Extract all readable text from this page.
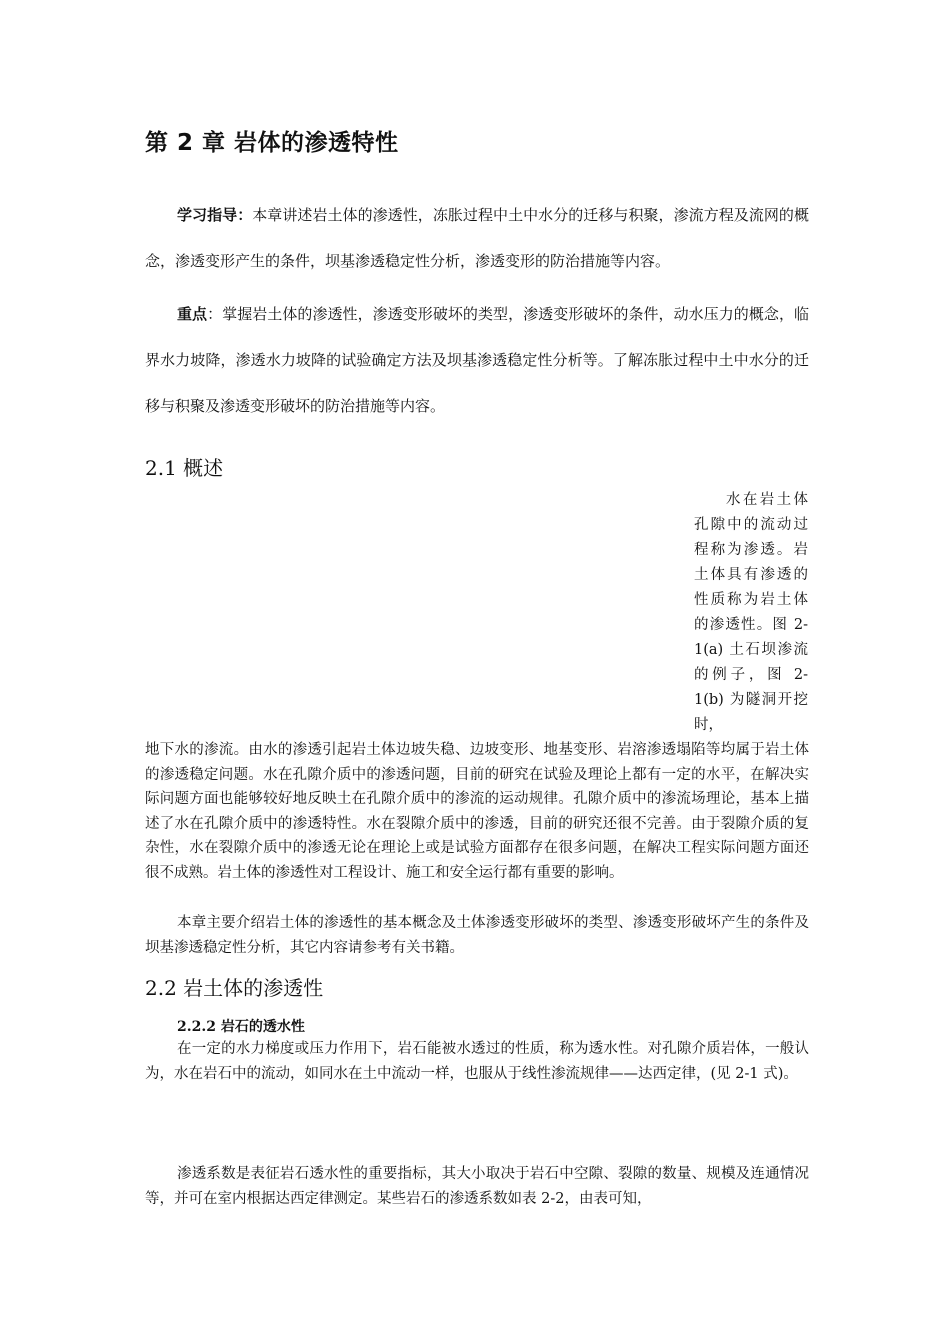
第 2 章 岩体的渗透特性

学习指导：本章讲述岩土体的渗透性，冻胀过程中土中水分的迁移与积聚，渗流方程及流网的概念，渗透变形产生的条件，坝基渗透稳定性分析，渗透变形的防治措施等内容。

重点：掌握岩土体的渗透性，渗透变形破坏的类型，渗透变形破坏的条件，动水压力的概念，临界水力坡降，渗透水力坡降的试验确定方法及坝基渗透稳定性分析等。了解冻胀过程中土中水分的迁移与积聚及渗透变形破坏的防治措施等内容。

2.1 概述

水在岩土体孔隙中的流动过程称为渗透。岩土体具有渗透的性质称为岩土体的渗透性。图 2-1(a) 土石坝渗流的例子，图 2-1(b) 为隧洞开挖时，

地下水的渗流。由水的渗透引起岩土体边坡失稳、边坡变形、地基变形、岩溶渗透塌陷等均属于岩土体的渗透稳定问题。水在孔隙介质中的渗透问题，目前的研究在试验及理论上都有一定的水平，在解决实际问题方面也能够较好地反映土在孔隙介质中的渗流的运动规律。孔隙介质中的渗流场理论，基本上描述了水在孔隙介质中的渗透特性。水在裂隙介质中的渗透，目前的研究还很不完善。由于裂隙介质的复杂性，水在裂隙介质中的渗透无论在理论上或是试验方面都存在很多问题，在解决工程实际问题方面还很不成熟。岩土体的渗透性对工程设计、施工和安全运行都有重要的影响。

本章主要介绍岩土体的渗透性的基本概念及土体渗透变形破坏的类型、渗透变形破坏产生的条件及坝基渗透稳定性分析，其它内容请参考有关书籍。

2.2 岩土体的渗透性
2.2.2 岩石的透水性

在一定的水力梯度或压力作用下，岩石能被水透过的性质，称为透水性。对孔隙介质岩体，一般认为，水在岩石中的流动，如同水在土中流动一样，也服从于线性渗流规律——达西定律，(见 2-1 式)。

渗透系数是表征岩石透水性的重要指标，其大小取决于岩石中空隙、裂隙的数量、规模及连通情况等，并可在室内根据达西定律测定。某些岩石的渗透系数如表 2-2，由表可知，
